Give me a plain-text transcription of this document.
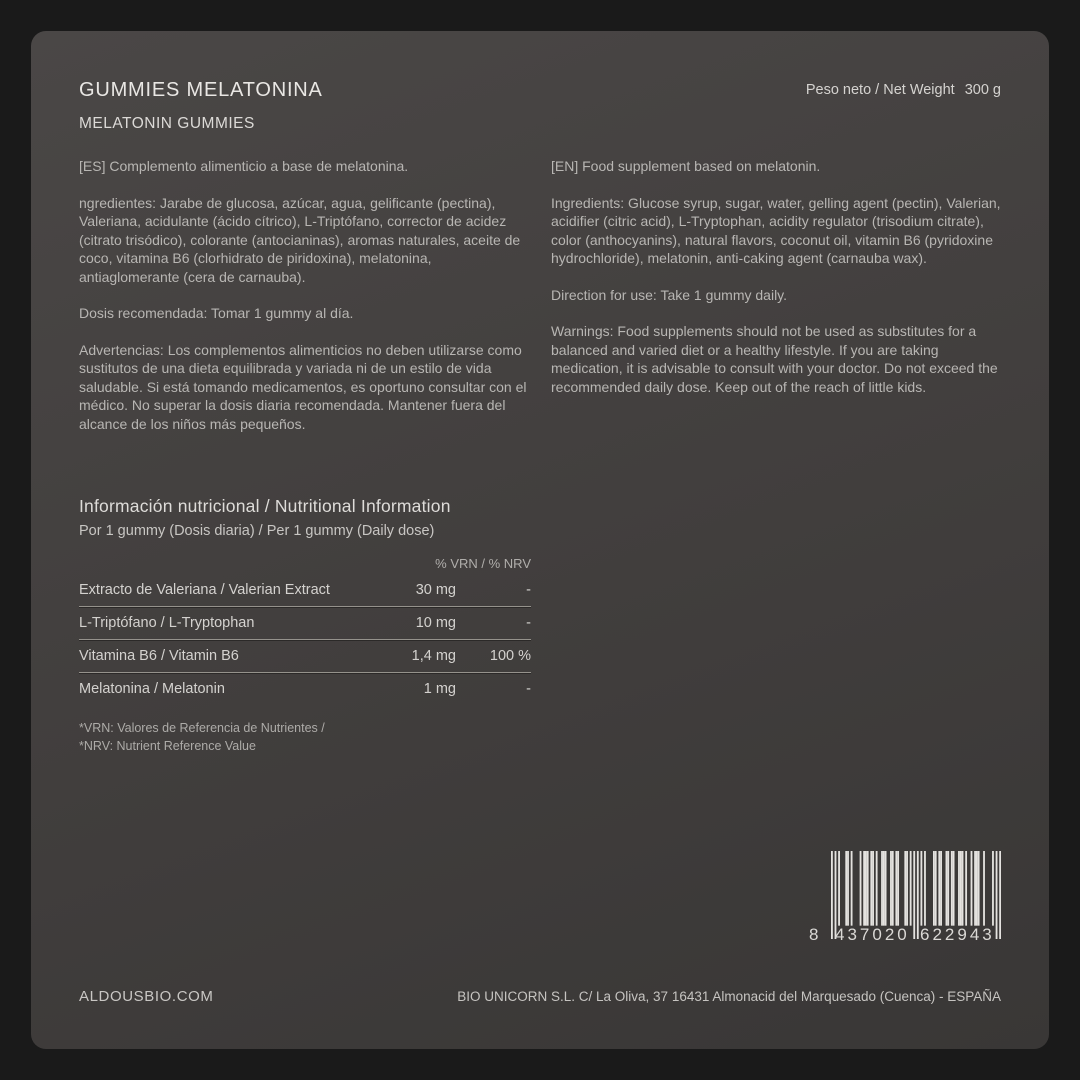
GUMMIES MELATONINA
MELATONIN GUMMIES
Peso neto / Net Weight 300 g

[ES] Complemento alimenticio a base de melatonina.

ngredientes: Jarabe de glucosa, azúcar, agua, gelificante (pectina), Valeriana, acidulante (ácido cítrico), L-Triptófano, corrector de acidez (citrato trisódico), colorante (antocianinas), aromas naturales, aceite de coco, vitamina B6 (clorhidrato de piridoxina), melatonina, antiaglomerante (cera de carnauba).

Dosis recomendada: Tomar 1 gummy al día.

Advertencias: Los complementos alimenticios no deben utilizarse como sustitutos de una dieta equilibrada y variada ni de un estilo de vida saludable. Si está tomando medicamentos, es oportuno consultar con el médico. No superar la dosis diaria recomendada. Mantener fuera del alcance de los niños más pequeños.

[EN] Food supplement based on melatonin.

Ingredients: Glucose syrup, sugar, water, gelling agent (pectin), Valerian, acidifier (citric acid), L-Tryptophan, acidity regulator (trisodium citrate), color (anthocyanins), natural flavors, coconut oil, vitamin B6 (pyridoxine hydrochloride), melatonin, anti-caking agent (carnauba wax).

Direction for use: Take 1 gummy daily.

Warnings: Food supplements should not be used as substitutes for a balanced and varied diet or a healthy lifestyle. If you are taking medication, it is advisable to consult with your doctor. Do not exceed the recommended daily dose. Keep out of the reach of little kids.

Información nutricional / Nutritional Information
Por 1 gummy (Dosis diaria) / Per 1 gummy (Daily dose)
% VRN / % NRV
Extracto de Valeriana / Valerian Extract	30 mg	-
L-Triptófano / L-Tryptophan	10 mg	-
Vitamina B6 / Vitamin B6	1,4 mg	100 %
Melatonina / Melatonin	1 mg	-
*VRN: Valores de Referencia de Nutrientes /
*NRV: Nutrient Reference Value
8 437020 622943
ALDOUSBIO.COM	BIO UNICORN S.L. C/ La Oliva, 37 16431 Almonacid del Marquesado (Cuenca) - ESPAÑA
